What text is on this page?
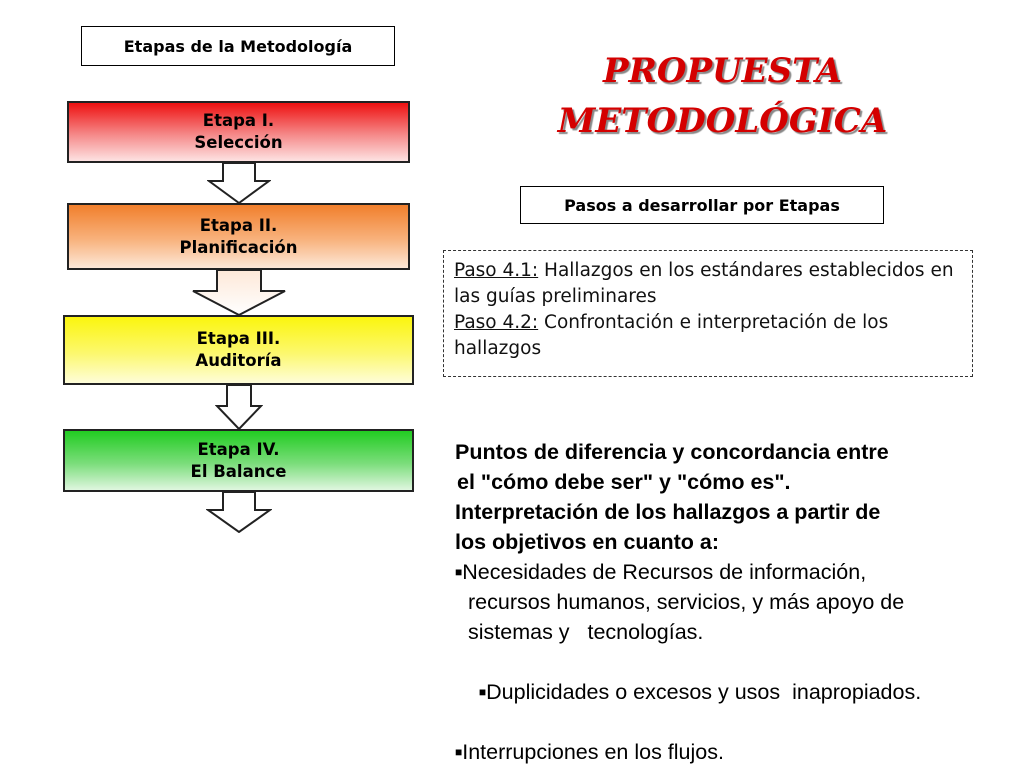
Etapas de la Metodología
Etapa I.
Selección
Etapa II.
Planificación
Etapa III.
Auditoría
Etapa IV.
El Balance
PROPUESTA
METODOLÓGICA
Pasos a desarrollar por Etapas
Paso 4.1: Hallazgos en los estándares establecidos en las guías preliminares
Paso 4.2: Confrontación e interpretación de los hallazgos
Puntos de diferencia y concordancia entre
el "cómo debe ser" y "cómo es".
Interpretación de los hallazgos a partir de
los objetivos en cuanto a:
■Necesidades de Recursos de información,
recursos humanos, servicios, y más apoyo de
sistemas y   tecnologías.

■Duplicidades o excesos y usos  inapropiados.

■Interrupciones en los flujos.
